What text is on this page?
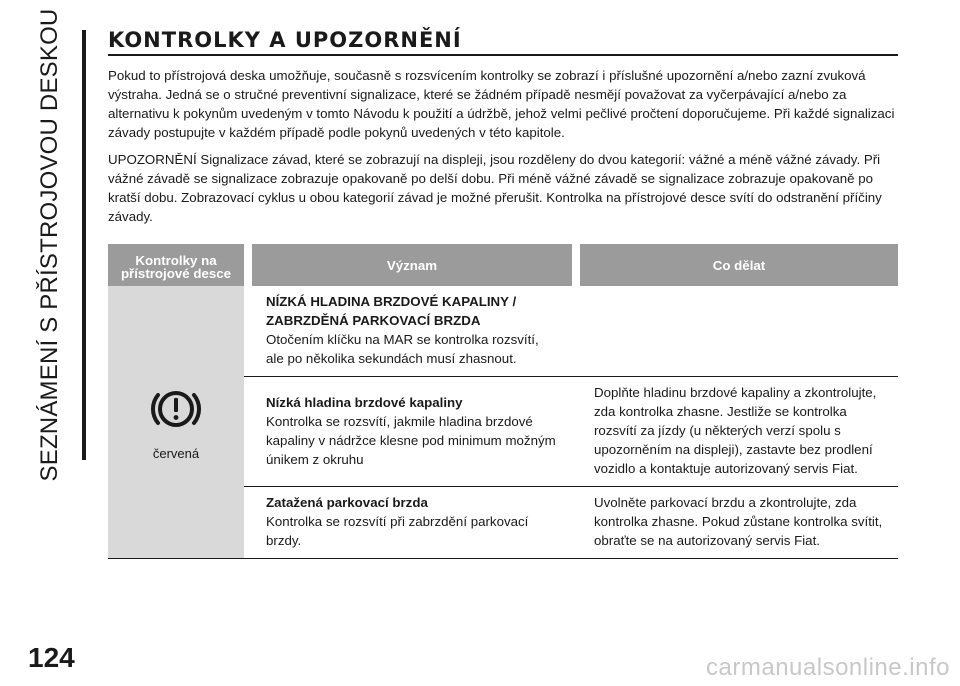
SEZNÁMENÍ S PŘÍSTROJOVOU DESKOU
124
KONTROLKY A UPOZORNĚNÍ

Pokud to přístrojová deska umožňuje, současně s rozsvícením kontrolky se zobrazí i příslušné upozornění a/nebo zazní zvuková výstraha. Jedná se o stručné preventivní signalizace, které se žádném případě nesmějí považovat za vyčerpávající a/nebo za alternativu k pokynům uvedeným v tomto Návodu k použití a údržbě, jehož velmi pečlivé pročtení doporučujeme. Při každé signalizaci závady postupujte v každém případě podle pokynů uvedených v této kapitole.

UPOZORNĚNÍ Signalizace závad, které se zobrazují na displeji, jsou rozděleny do dvou kategorií: vážné a méně vážné závady. Při vážné závadě se signalizace zobrazuje opakovaně po delší dobu. Při méně vážné závadě se signalizace zobrazuje opakovaně po kratší dobu. Zobrazovací cyklus u obou kategorií závad je možné přerušit. Kontrolka na přístrojové desce svítí do odstranění příčiny závady.

Kontrolky na
přístrojové desce		Význam		Co dělat

červená		NÍZKÁ HLADINA BRZDOVÉ KAPALINY /
ZABRZDĚNÁ PARKOVACÍ BRZDA
Otočením klíčku na MAR se kontrolka rozsvítí, ale po několika sekundách musí zhasnout.		

		Nízká hladina brzdové kapaliny
Kontrolka se rozsvítí, jakmile hladina brzdové kapaliny v nádržce klesne pod minimum možným únikem z okruhu		Doplňte hladinu brzdové kapaliny a zkontrolujte, zda kontrolka zhasne. Jestliže se kontrolka rozsvítí za jízdy (u některých verzí spolu s upozorněním na displeji), zastavte bez prodlení vozidlo a kontaktuje autorizovaný servis Fiat.

		Zatažená parkovací brzda
Kontrolka se rozsvítí při zabrzdění parkovací brzdy.		Uvolněte parkovací brzdu a zkontrolujte, zda kontrolka zhasne. Pokud zůstane kontrolka svítit, obraťte se na autorizovaný servis Fiat.
carmanualsonline.info
